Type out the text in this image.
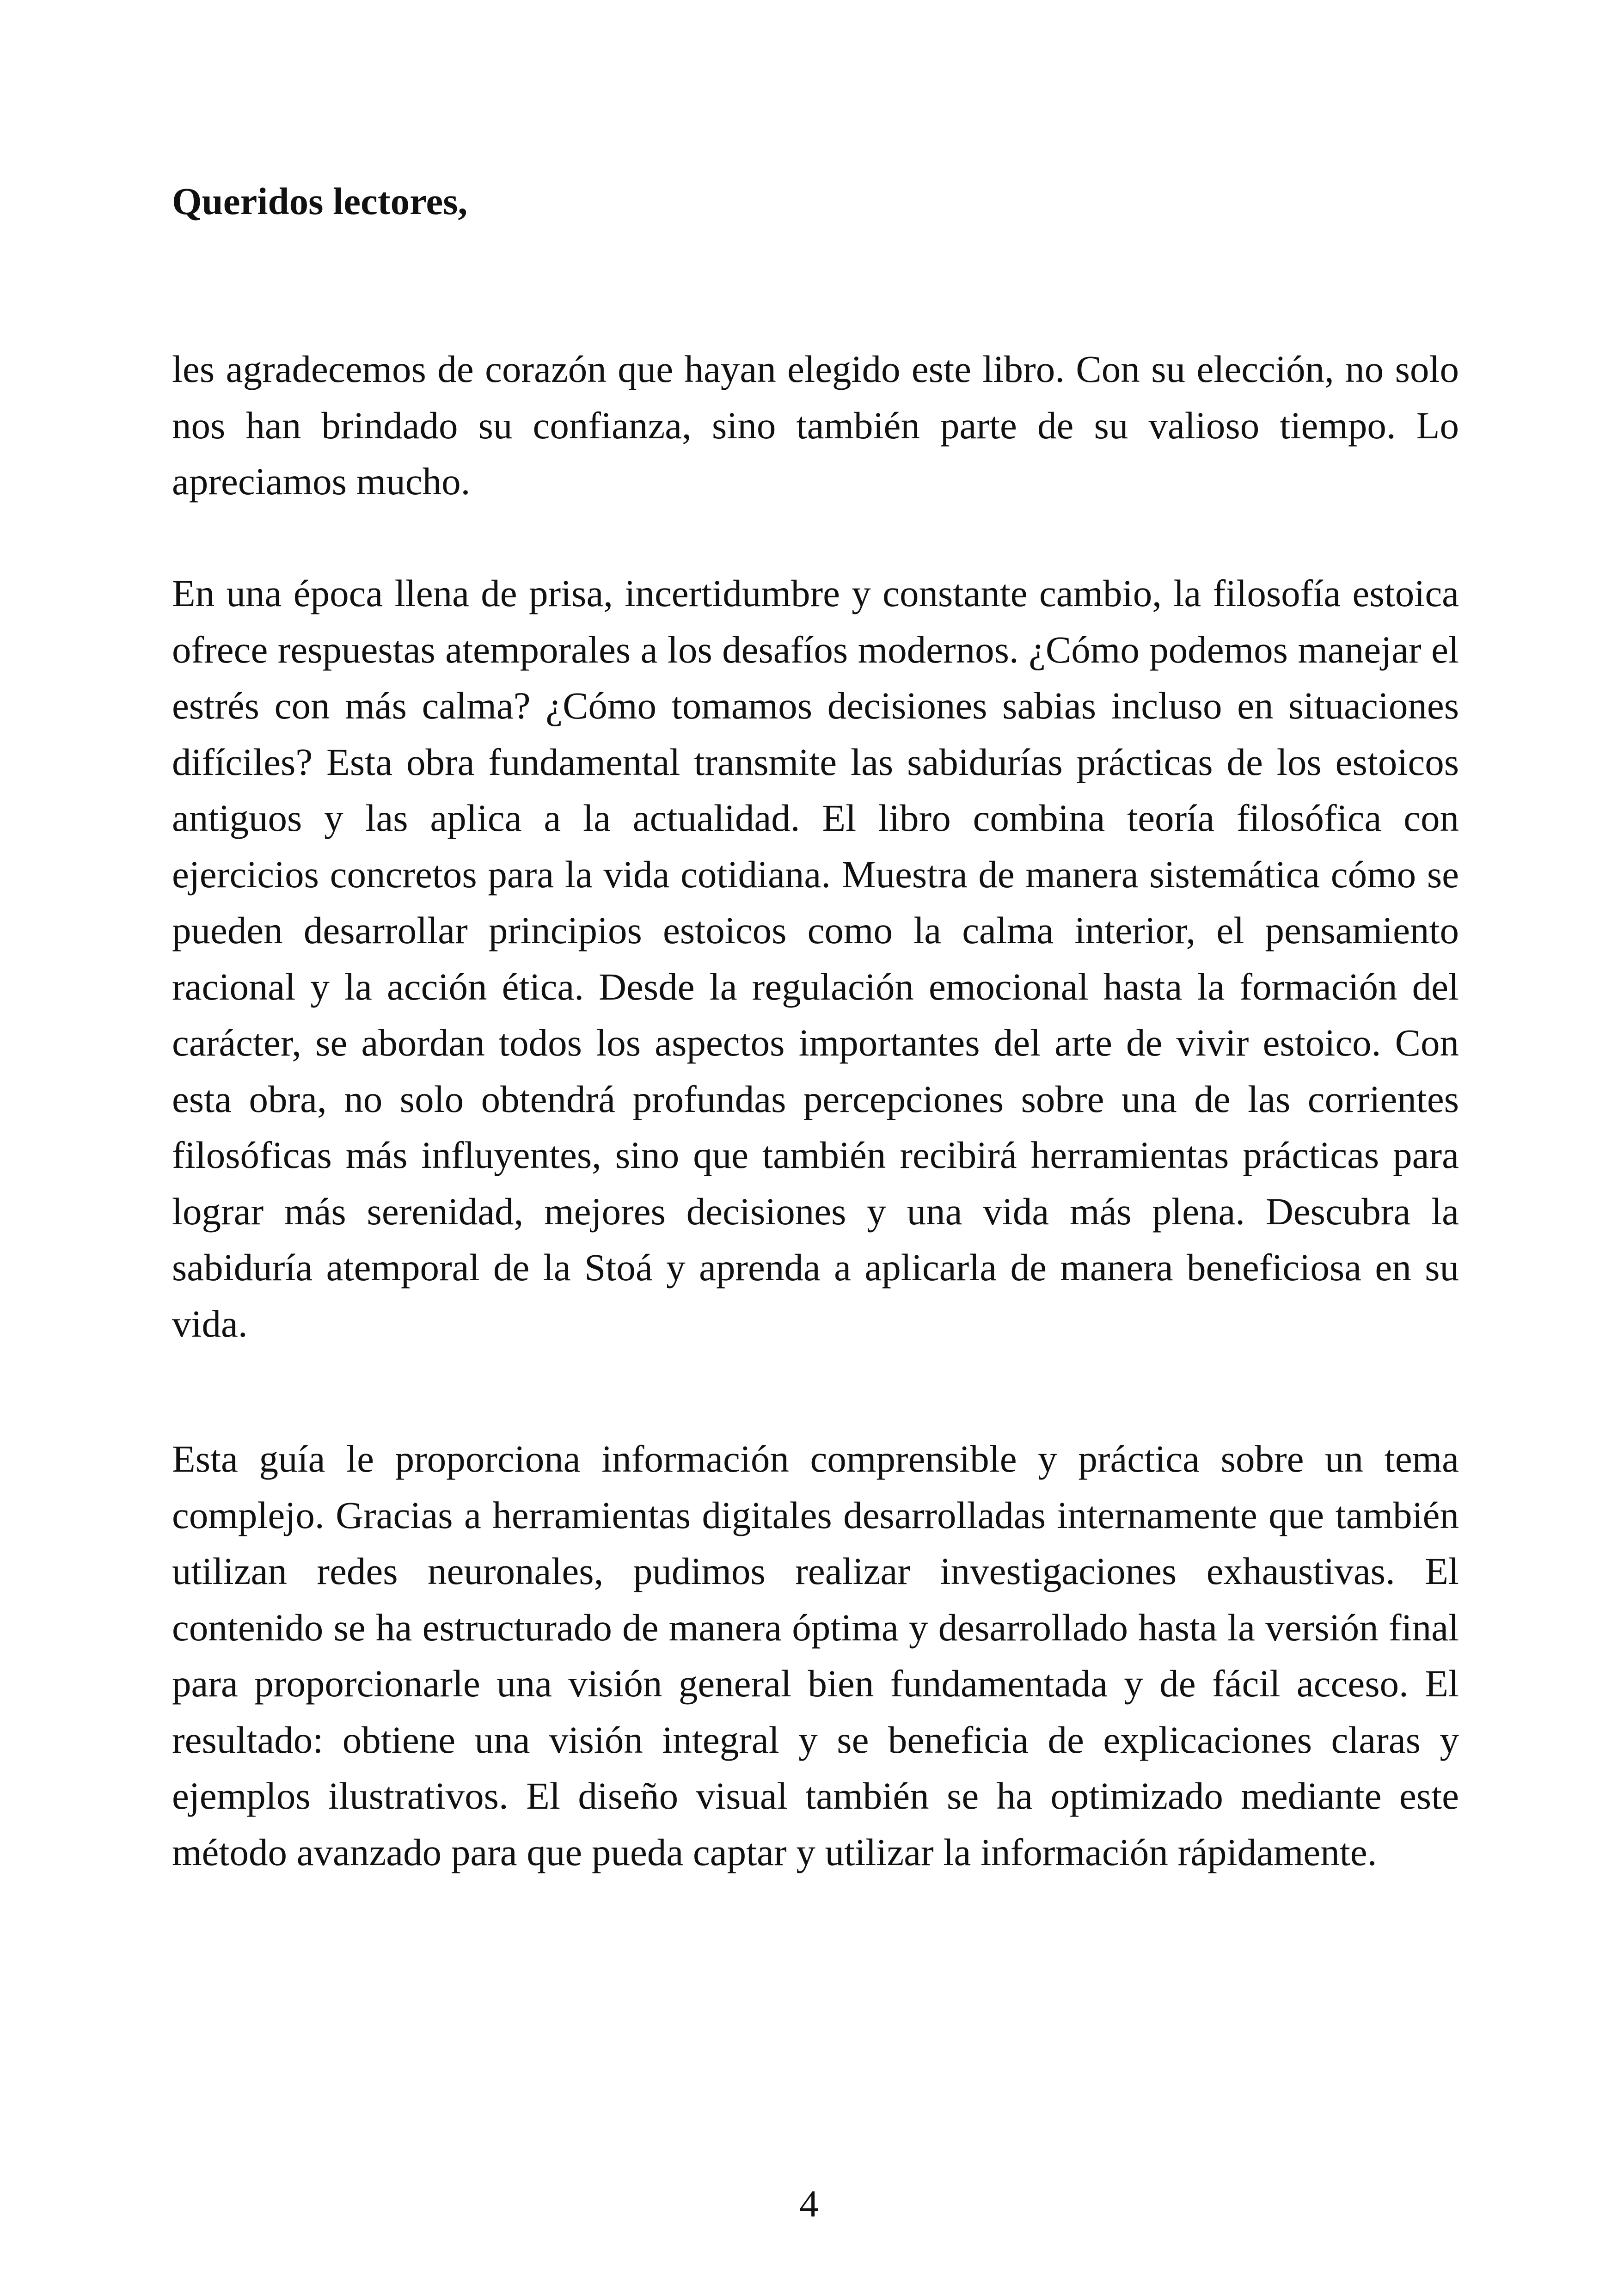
Queridos lectores,

les agradecemos de corazón que hayan elegido este libro. Con su elección, no solo nos han brindado su confianza, sino también parte de su valioso tiempo. Lo apreciamos mucho.

En una época llena de prisa, incertidumbre y constante cambio, la filosofía estoica ofrece respuestas atemporales a los desafíos modernos. ¿Cómo podemos manejar el estrés con más calma? ¿Cómo tomamos decisiones sabias incluso en situaciones difíciles? Esta obra fundamental transmite las sabidurías prácticas de los estoicos antiguos y las aplica a la actualidad. El libro combina teoría filosófica con ejercicios concretos para la vida cotidiana. Muestra de manera sistemática cómo se pueden desarrollar principios estoicos como la calma interior, el pensamiento racional y la acción ética. Desde la regulación emocional hasta la formación del carácter, se abordan todos los aspectos importantes del arte de vivir estoico. Con esta obra, no solo obtendrá profundas percepciones sobre una de las corrientes filosóficas más influyentes, sino que también recibirá herramientas prácticas para lograr más serenidad, mejores decisiones y una vida más plena. Descubra la sabiduría atemporal de la Stoá y aprenda a aplicarla de manera beneficiosa en su vida.

Esta guía le proporciona información comprensible y práctica sobre un tema complejo. Gracias a herramientas digitales desarrolladas internamente que también utilizan redes neuronales, pudimos realizar investigaciones exhaustivas. El contenido se ha estructurado de manera óptima y desarrollado hasta la versión final para proporcionarle una visión general bien fundamentada y de fácil acceso. El resultado: obtiene una visión integral y se beneficia de explicaciones claras y ejemplos ilustrativos. El diseño visual también se ha optimizado mediante este método avanzado para que pueda captar y utilizar la información rápidamente.

4
